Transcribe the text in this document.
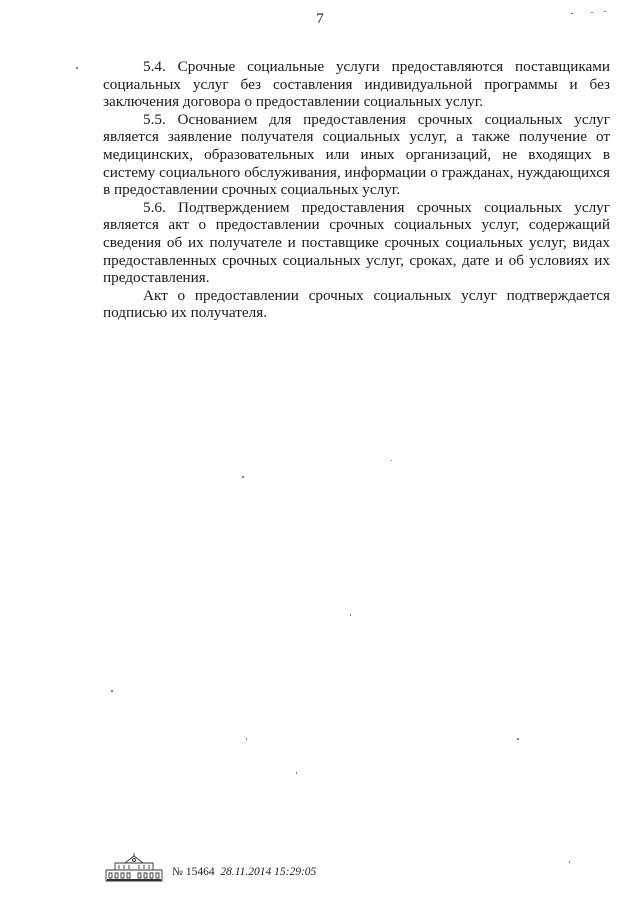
7

5.4. Срочные социальные услуги предоставляются поставщиками социальных услуг без составления индивидуальной программы и без заключения договора о предоставлении социальных услуг.

5.5. Основанием для предоставления срочных социальных услуг является заявление получателя социальных услуг, а также получение от медицинских, образовательных или иных организаций, не входящих в систему социального обслуживания, информации о гражданах, нуждающихся в предоставлении срочных социальных услуг.

5.6. Подтверждением предоставления срочных социальных услуг является акт о предоставлении срочных социальных услуг, содержащий сведения об их получателе и поставщике срочных социальных услуг, видах предоставленных срочных социальных услуг, сроках, дате и об условиях их предоставления.

Акт о предоставлении срочных социальных услуг подтверждается подписью их получателя.

№ 15464 28.11.2014 15:29:05
